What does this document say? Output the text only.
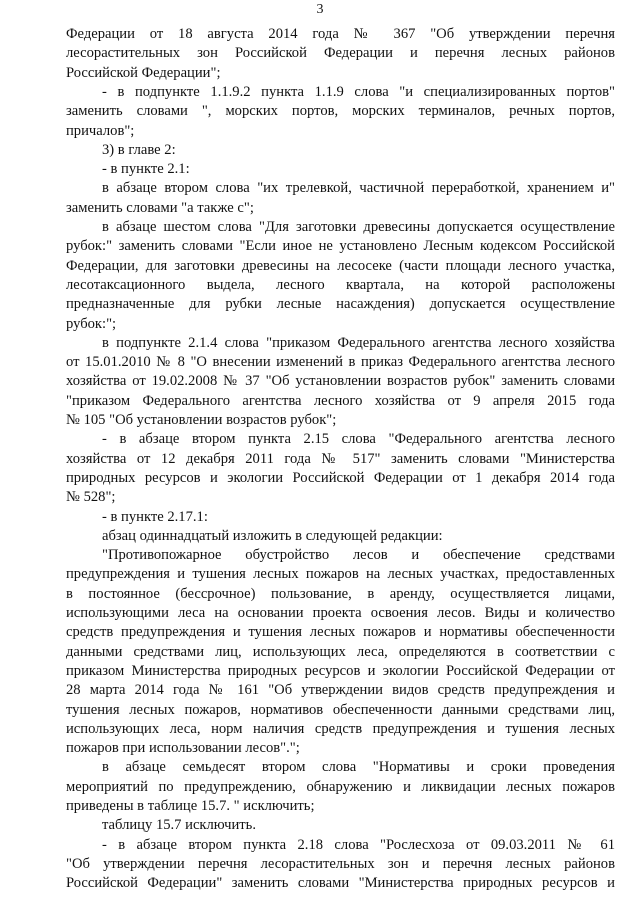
3
Федерации от 18 августа 2014 года № 367 "Об утверждении перечня
лесорастительных зон Российской Федерации и перечня лесных районов
Российской Федерации";
- в подпункте 1.1.9.2 пункта 1.1.9 слова "и специализированных портов"
заменить словами ", морских портов, морских терминалов, речных портов,
причалов";
3) в главе 2:
- в пункте 2.1:
в абзаце втором слова "их трелевкой, частичной переработкой, хранением и"
заменить словами "а также с";
в абзаце шестом слова "Для заготовки древесины допускается осуществление
рубок:" заменить словами "Если иное не установлено Лесным кодексом Российской
Федерации, для заготовки древесины на лесосеке (части площади лесного участка,
лесотаксационного выдела, лесного квартала, на которой расположены
предназначенные для рубки лесные насаждения) допускается осуществление
рубок:";
в подпункте 2.1.4 слова "приказом Федерального агентства лесного хозяйства
от 15.01.2010 № 8 "О внесении изменений в приказ Федерального агентства лесного
хозяйства от 19.02.2008 № 37 "Об установлении возрастов рубок" заменить словами
"приказом Федерального агентства лесного хозяйства от 9 апреля 2015 года
№ 105 "Об установлении возрастов рубок";
- в абзаце втором пункта 2.15 слова "Федерального агентства лесного
хозяйства от 12 декабря 2011 года № 517" заменить словами "Министерства
природных ресурсов и экологии Российской Федерации от 1 декабря 2014 года
№ 528";
- в пункте 2.17.1:
абзац одиннадцатый изложить в следующей редакции:
"Противопожарное обустройство лесов и обеспечение средствами
предупреждения и тушения лесных пожаров на лесных участках, предоставленных
в постоянное (бессрочное) пользование, в аренду, осуществляется лицами,
использующими леса на основании проекта освоения лесов. Виды и количество
средств предупреждения и тушения лесных пожаров и нормативы обеспеченности
данными средствами лиц, использующих леса, определяются в соответствии с
приказом Министерства природных ресурсов и экологии Российской Федерации от
28 марта 2014 года № 161 "Об утверждении видов средств предупреждения и
тушения лесных пожаров, нормативов обеспеченности данными средствами лиц,
использующих леса, норм наличия средств предупреждения и тушения лесных
пожаров при использовании лесов".";
в абзаце семьдесят втором слова "Нормативы и сроки проведения
мероприятий по предупреждению, обнаружению и ликвидации лесных пожаров
приведены в таблице 15.7. " исключить;
таблицу 15.7 исключить.
- в абзаце втором пункта 2.18 слова "Рослесхоза от 09.03.2011 № 61
"Об утверждении перечня лесорастительных зон и перечня лесных районов
Российской Федерации" заменить словами "Министерства природных ресурсов и
